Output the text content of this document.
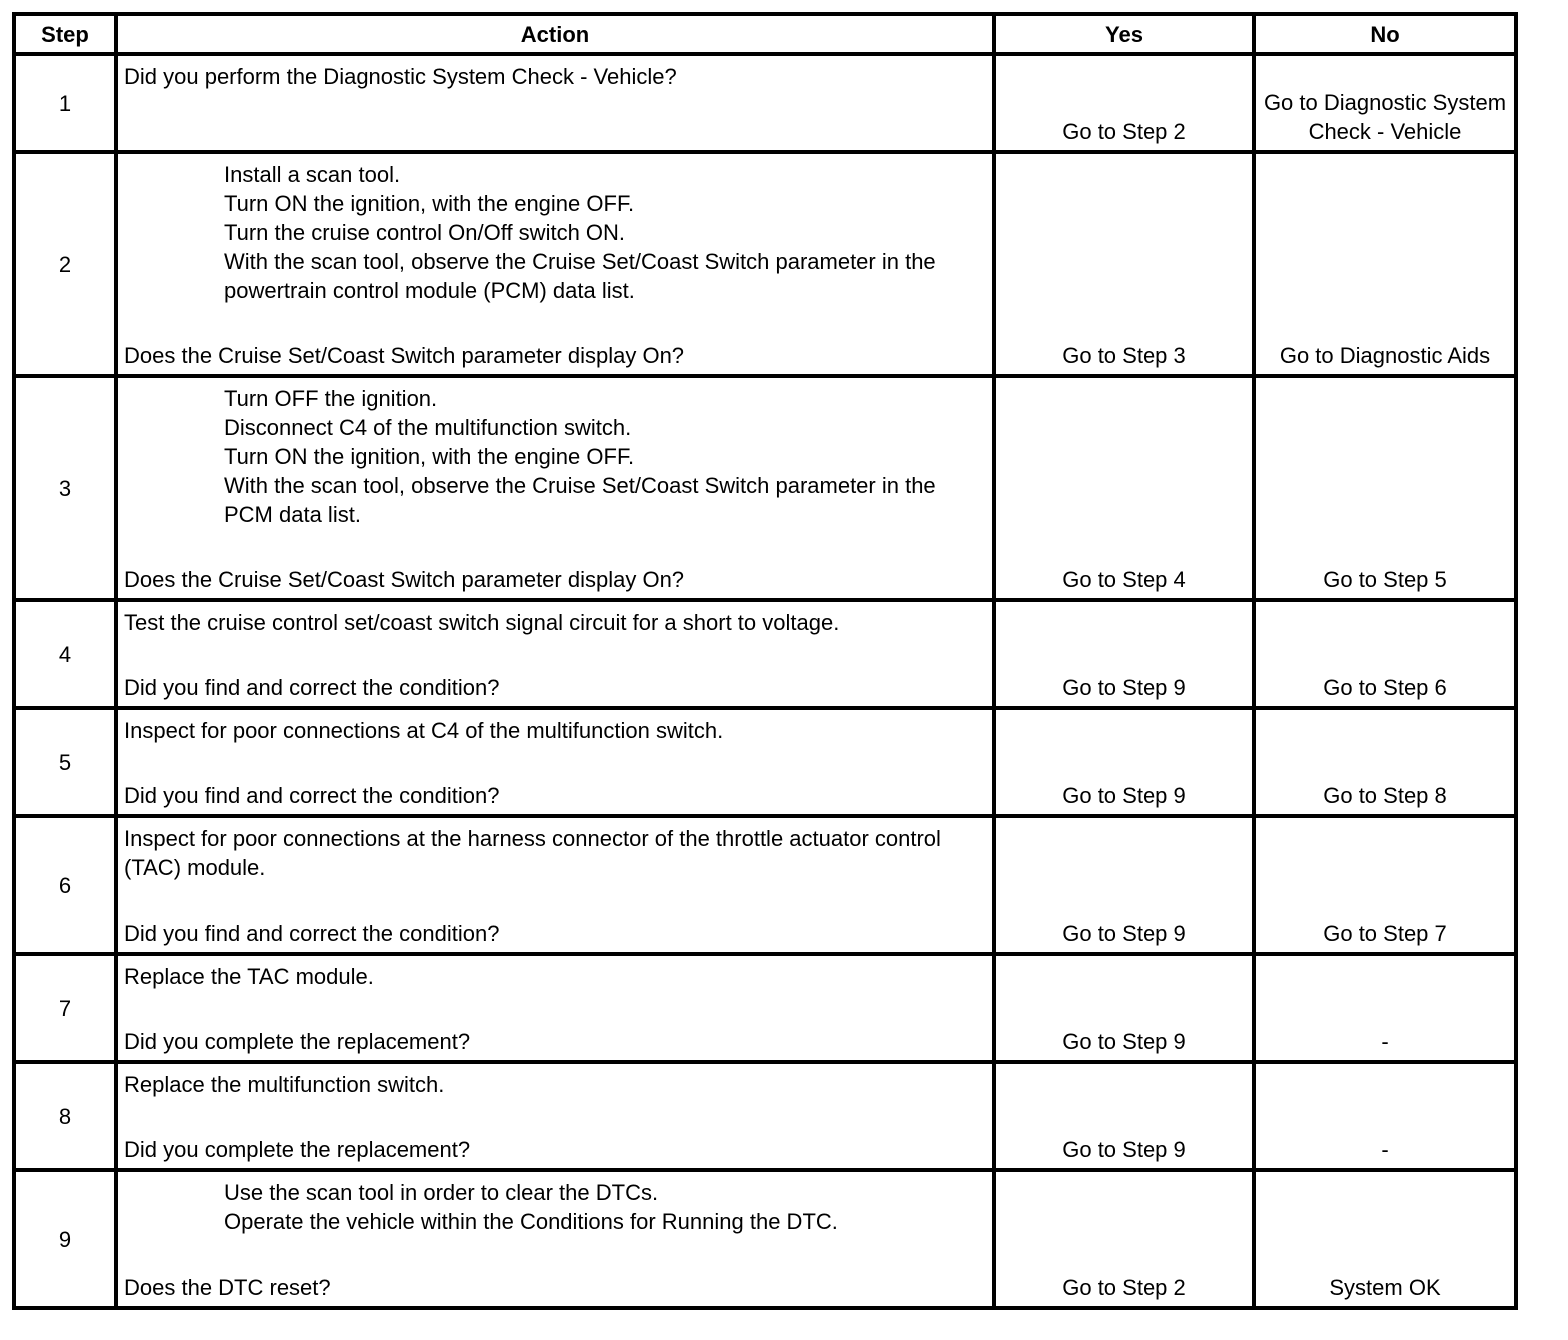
Step	Action	Yes	No
1	Did you perform the Diagnostic System Check - Vehicle?	Go to Step 2	Go to Diagnostic System Check - Vehicle
2	Install a scan tool.
Turn ON the ignition, with the engine OFF.
Turn the cruise control On/Off switch ON.
With the scan tool, observe the Cruise Set/Coast Switch parameter in the powertrain control module (PCM) data list.
Does the Cruise Set/Coast Switch parameter display On?	Go to Step 3	Go to Diagnostic Aids
3	Turn OFF the ignition.
Disconnect C4 of the multifunction switch.
Turn ON the ignition, with the engine OFF.
With the scan tool, observe the Cruise Set/Coast Switch parameter in the PCM data list.
Does the Cruise Set/Coast Switch parameter display On?	Go to Step 4	Go to Step 5
4	Test the cruise control set/coast switch signal circuit for a short to voltage.
Did you find and correct the condition?	Go to Step 9	Go to Step 6
5	Inspect for poor connections at C4 of the multifunction switch.
Did you find and correct the condition?	Go to Step 9	Go to Step 8
6	Inspect for poor connections at the harness connector of the throttle actuator control (TAC) module.
Did you find and correct the condition?	Go to Step 9	Go to Step 7
7	Replace the TAC module.
Did you complete the replacement?	Go to Step 9	-
8	Replace the multifunction switch.
Did you complete the replacement?	Go to Step 9	-
9	Use the scan tool in order to clear the DTCs.
Operate the vehicle within the Conditions for Running the DTC.
Does the DTC reset?	Go to Step 2	System OK
